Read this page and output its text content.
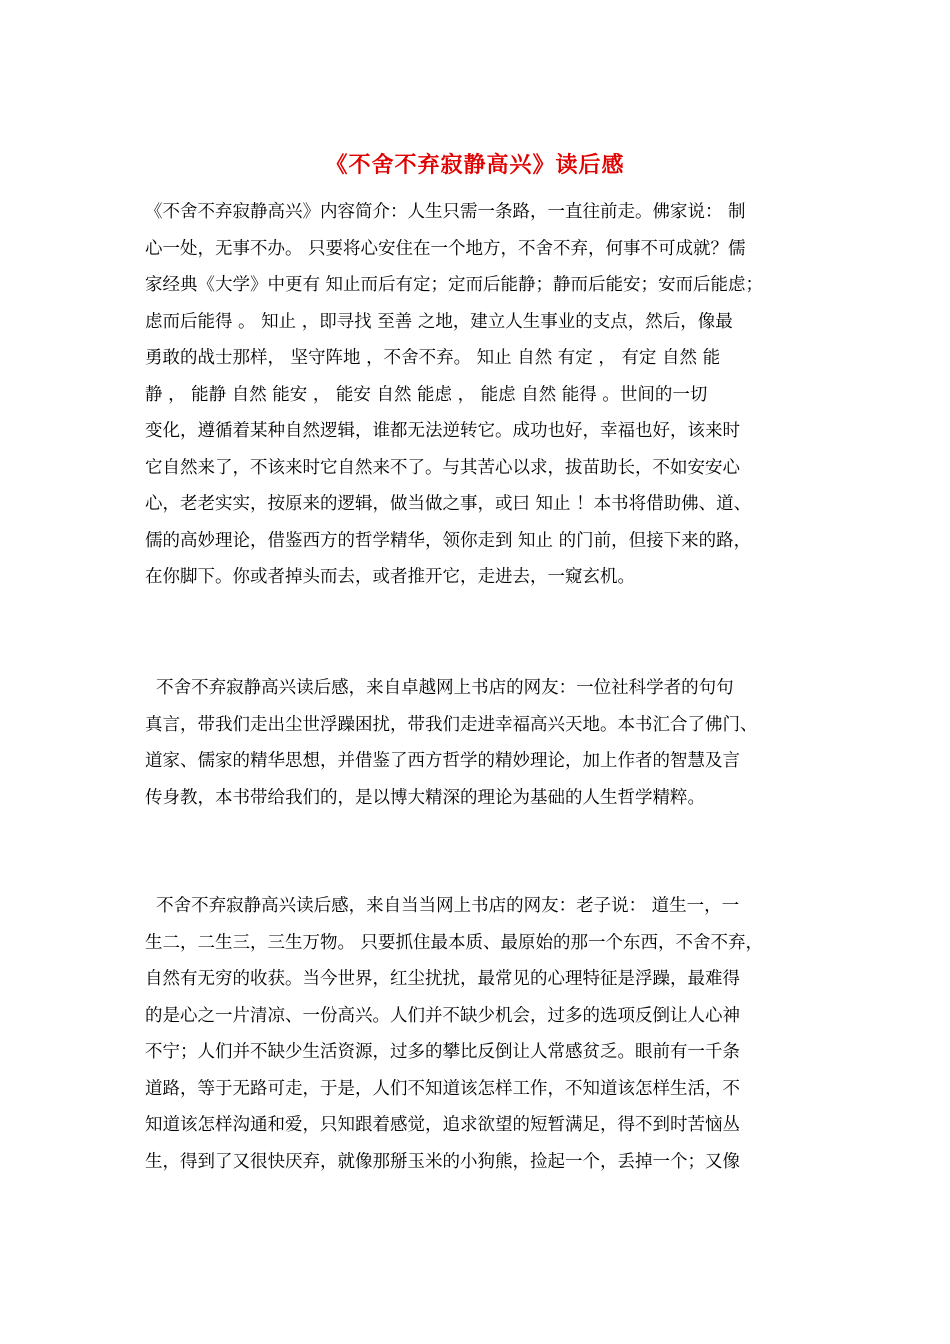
《不舍不弃寂静高兴》读后感
《不舍不弃寂静高兴》内容简介：人生只需一条路，一直往前走。佛家说： 制
心一处，无事不办。 只要将心安住在一个地方，不舍不弃，何事不可成就？儒
家经典《大学》中更有 知止而后有定；定而后能静；静而后能安；安而后能虑；
虑而后能得 。 知止 ，即寻找 至善 之地，建立人生事业的支点，然后，像最
勇敢的战士那样， 坚守阵地 ，不舍不弃。 知止 自然 有定 ， 有定 自然 能
静 ， 能静 自然 能安 ， 能安 自然 能虑 ， 能虑 自然 能得 。世间的一切
变化，遵循着某种自然逻辑，谁都无法逆转它。成功也好，幸福也好，该来时
它自然来了，不该来时它自然来不了。与其苦心以求，拔苗助长，不如安安心
心，老老实实，按原来的逻辑，做当做之事，或曰 知止 ！本书将借助佛、道、
儒的高妙理论，借鉴西方的哲学精华，领你走到 知止 的门前，但接下来的路，
在你脚下。你或者掉头而去，或者推开它，走进去，一窥玄机。
不舍不弃寂静高兴读后感，来自卓越网上书店的网友：一位社科学者的句句
真言，带我们走出尘世浮躁困扰，带我们走进幸福高兴天地。本书汇合了佛门、
道家、儒家的精华思想，并借鉴了西方哲学的精妙理论，加上作者的智慧及言
传身教，本书带给我们的，是以博大精深的理论为基础的人生哲学精粹。
不舍不弃寂静高兴读后感，来自当当网上书店的网友：老子说： 道生一，一
生二，二生三，三生万物。 只要抓住最本质、最原始的那一个东西，不舍不弃，
自然有无穷的收获。当今世界，红尘扰扰，最常见的心理特征是浮躁，最难得
的是心之一片清凉、一份高兴。人们并不缺少机会，过多的选项反倒让人心神
不宁；人们并不缺少生活资源，过多的攀比反倒让人常感贫乏。眼前有一千条
道路，等于无路可走，于是，人们不知道该怎样工作，不知道该怎样生活，不
知道该怎样沟通和爱，只知跟着感觉，追求欲望的短暂满足，得不到时苦恼丛
生，得到了又很快厌弃，就像那掰玉米的小狗熊，捡起一个，丢掉一个；又像
